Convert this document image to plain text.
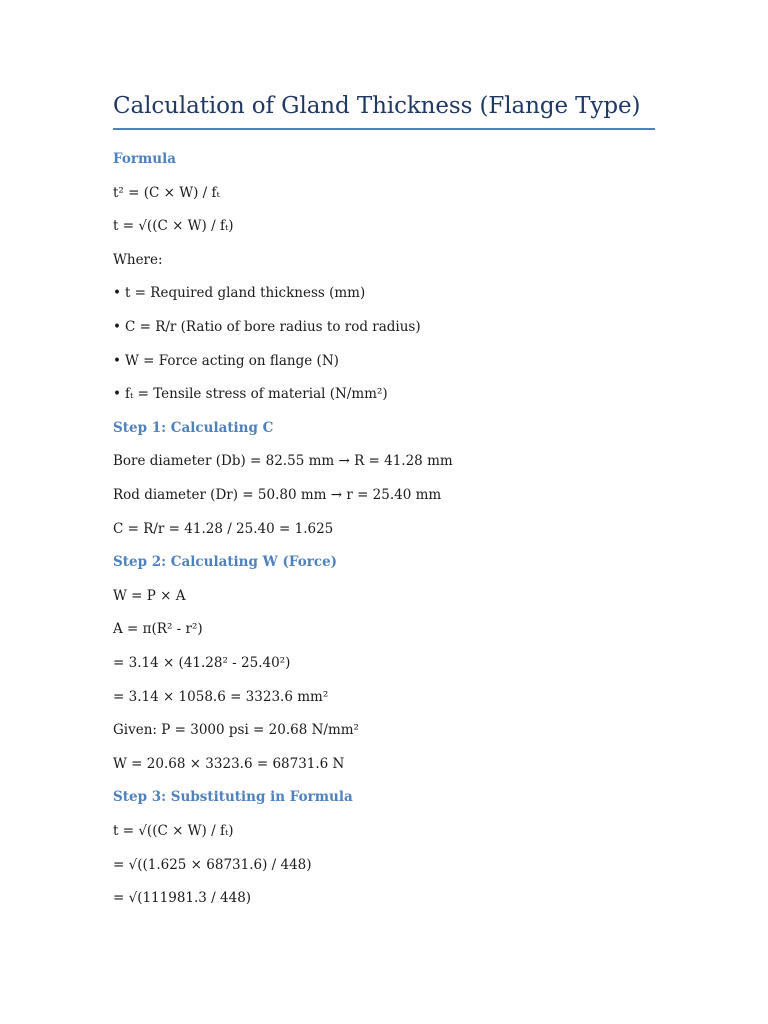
Calculation of Gland Thickness (Flange Type)
Formula
t² = (C × W) / fₜ
t = √((C × W) / fₜ)
Where:
• t = Required gland thickness (mm)
• C = R/r (Ratio of bore radius to rod radius)
• W = Force acting on flange (N)
• fₜ = Tensile stress of material (N/mm²)
Step 1: Calculating C
Bore diameter (Db) = 82.55 mm → R = 41.28 mm
Rod diameter (Dr) = 50.80 mm → r = 25.40 mm
C = R/r = 41.28 / 25.40 = 1.625
Step 2: Calculating W (Force)
W = P × A
A = π(R² - r²)
= 3.14 × (41.28² - 25.40²)
= 3.14 × 1058.6 = 3323.6 mm²
Given: P = 3000 psi = 20.68 N/mm²
W = 20.68 × 3323.6 = 68731.6 N
Step 3: Substituting in Formula
t = √((C × W) / fₜ)
= √((1.625 × 68731.6) / 448)
= √(111981.3 / 448)
